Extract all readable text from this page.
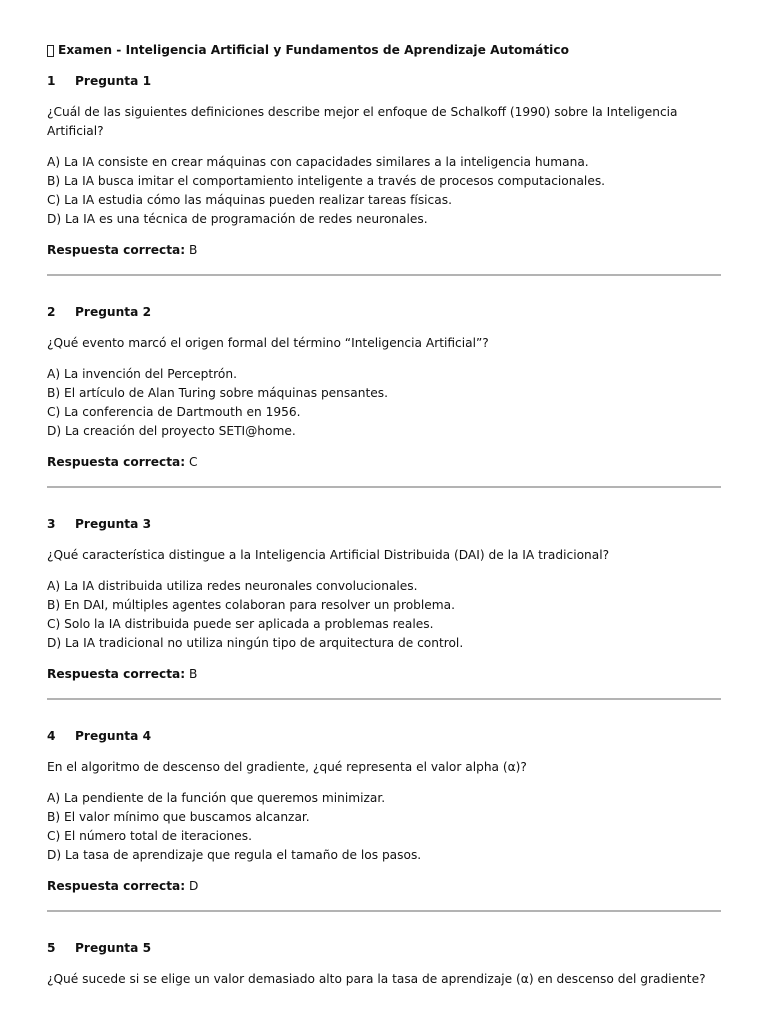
Examen - Inteligencia Artificial y Fundamentos de Aprendizaje Automático
1	Pregunta 1

¿Cuál de las siguientes definiciones describe mejor el enfoque de Schalkoff (1990) sobre la Inteligencia Artificial?

A) La IA consiste en crear máquinas con capacidades similares a la inteligencia humana.
B) La IA busca imitar el comportamiento inteligente a través de procesos computacionales.
C) La IA estudia cómo las máquinas pueden realizar tareas físicas.
D) La IA es una técnica de programación de redes neuronales.

Respuesta correcta: B

2	Pregunta 2

¿Qué evento marcó el origen formal del término “Inteligencia Artificial”?

A) La invención del Perceptrón.
B) El artículo de Alan Turing sobre máquinas pensantes.
C) La conferencia de Dartmouth en 1956.
D) La creación del proyecto SETI@home.

Respuesta correcta: C

3	Pregunta 3

¿Qué característica distingue a la Inteligencia Artificial Distribuida (DAI) de la IA tradicional?

A) La IA distribuida utiliza redes neuronales convolucionales.
B) En DAI, múltiples agentes colaboran para resolver un problema.
C) Solo la IA distribuida puede ser aplicada a problemas reales.
D) La IA tradicional no utiliza ningún tipo de arquitectura de control.

Respuesta correcta: B

4	Pregunta 4

En el algoritmo de descenso del gradiente, ¿qué representa el valor alpha (α)?

A) La pendiente de la función que queremos minimizar.
B) El valor mínimo que buscamos alcanzar.
C) El número total de iteraciones.
D) La tasa de aprendizaje que regula el tamaño de los pasos.

Respuesta correcta: D

5	Pregunta 5

¿Qué sucede si se elige un valor demasiado alto para la tasa de aprendizaje (α) en descenso del gradiente?
